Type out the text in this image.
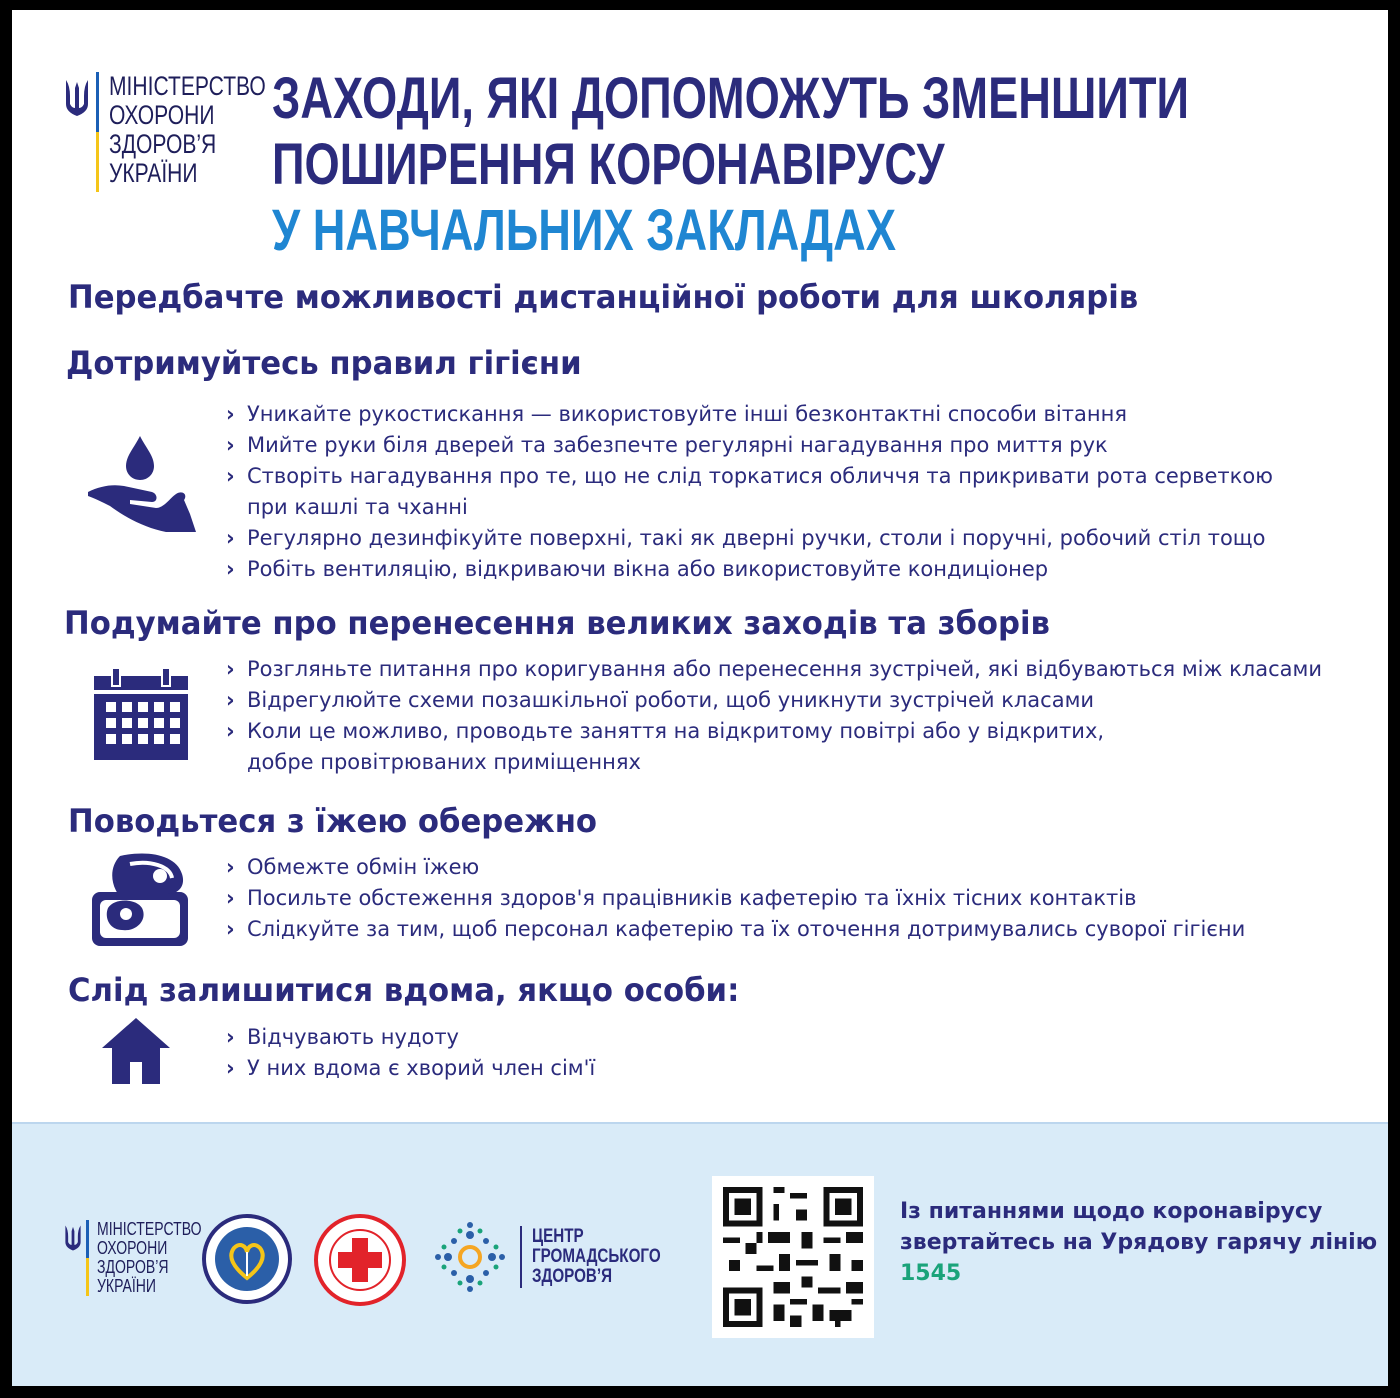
МІНІСТЕРСТВО
ОХОРОНИ
ЗДОРОВ’Я
УКРАЇНИ
ЗАХОДИ, ЯКІ ДОПОМОЖУТЬ ЗМЕНШИТИ
ПОШИРЕННЯ КОРОНАВІРУСУ
У НАВЧАЛЬНИХ ЗАКЛАДАХ
Передбачте можливості дистанційної роботи для школярів
Дотримуйтесь правил гігієни
› Уникайте рукостискання — використовуйте інші безконтактні способи вітання
› Мийте руки біля дверей та забезпечте регулярні нагадування про миття рук
› Створіть нагадування про те, що не слід торкатися обличчя та прикривати рота серветкою
при кашлі та чханні
› Регулярно дезинфікуйте поверхні, такі як дверні ручки, столи і поручні, робочий стіл тощо
› Робіть вентиляцію, відкриваючи вікна або використовуйте кондиціонер
Подумайте про перенесення великих заходів та зборів
› Розгляньте питання про коригування або перенесення зустрічей, які відбуваються між класами
› Відрегулюйте схеми позашкільної роботи, щоб уникнути зустрічей класами
› Коли це можливо, проводьте заняття на відкритому повітрі або у відкритих,
добре провітрюваних приміщеннях
Поводьтеся з їжею обережно
› Обмежте обмін їжею
› Посильте обстеження здоров'я працівників кафетерію та їхніх тісних контактів
› Слідкуйте за тим, щоб персонал кафетерію та їх оточення дотримувались суворої гігієни
Слід залишитися вдома, якщо особи:
› Відчувають нудоту
› У них вдома є хворий член сім'ї
МІНІСТЕРСТВО
ОХОРОНИ
ЗДОРОВ’Я
УКРАЇНИ
ЦЕНТР
ГРОМАДСЬКОГО
ЗДОРОВ’Я
Із питаннями щодо коронавірусу
звертайтесь на Урядову гарячу лінію
1545
